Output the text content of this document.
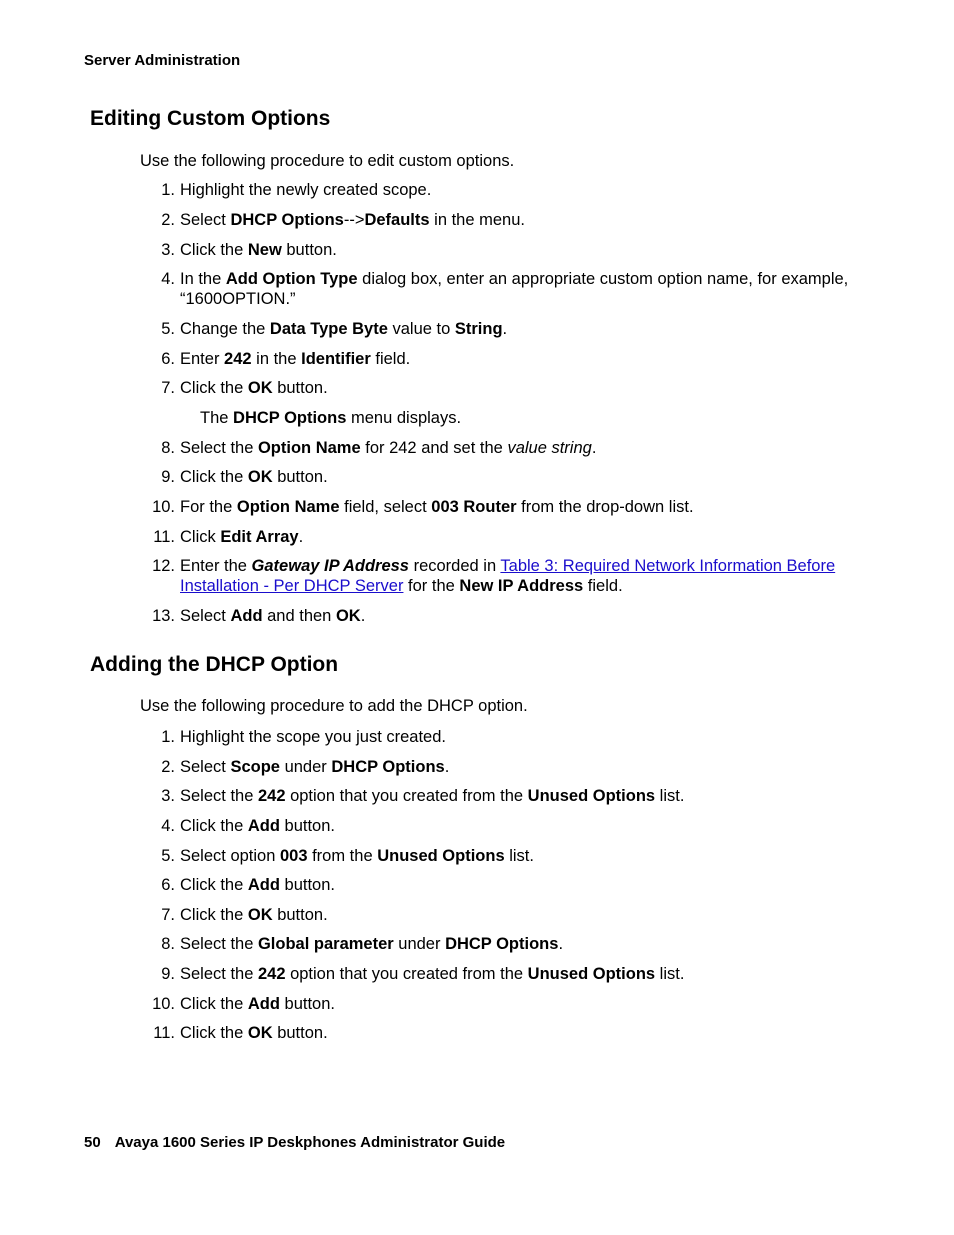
Server Administration
Editing Custom Options

Use the following procedure to edit custom options.

1. Highlight the newly created scope.
2. Select DHCP Options-->Defaults in the menu.
3. Click the New button.
4. In the Add Option Type dialog box, enter an appropriate custom option name, for example, “1600OPTION.”
5. Change the Data Type Byte value to String.
6. Enter 242 in the Identifier field.
7. Click the OK button.
8. Select the Option Name for 242 and set the value string.
9. Click the OK button.
10. For the Option Name field, select 003 Router from the drop-down list.
11. Click Edit Array.
12. Enter the Gateway IP Address recorded in Table 3: Required Network Information Before Installation - Per DHCP Server for the New IP Address field.
13. Select Add and then OK.
The DHCP Options menu displays.
Adding the DHCP Option

Use the following procedure to add the DHCP option.

1. Highlight the scope you just created.
2. Select Scope under DHCP Options.
3. Select the 242 option that you created from the Unused Options list.
4. Click the Add button.
5. Select option 003 from the Unused Options list.
6. Click the Add button.
7. Click the OK button.
8. Select the Global parameter under DHCP Options.
9. Select the 242 option that you created from the Unused Options list.
10. Click the Add button.
11. Click the OK button.
50 Avaya 1600 Series IP Deskphones Administrator Guide
